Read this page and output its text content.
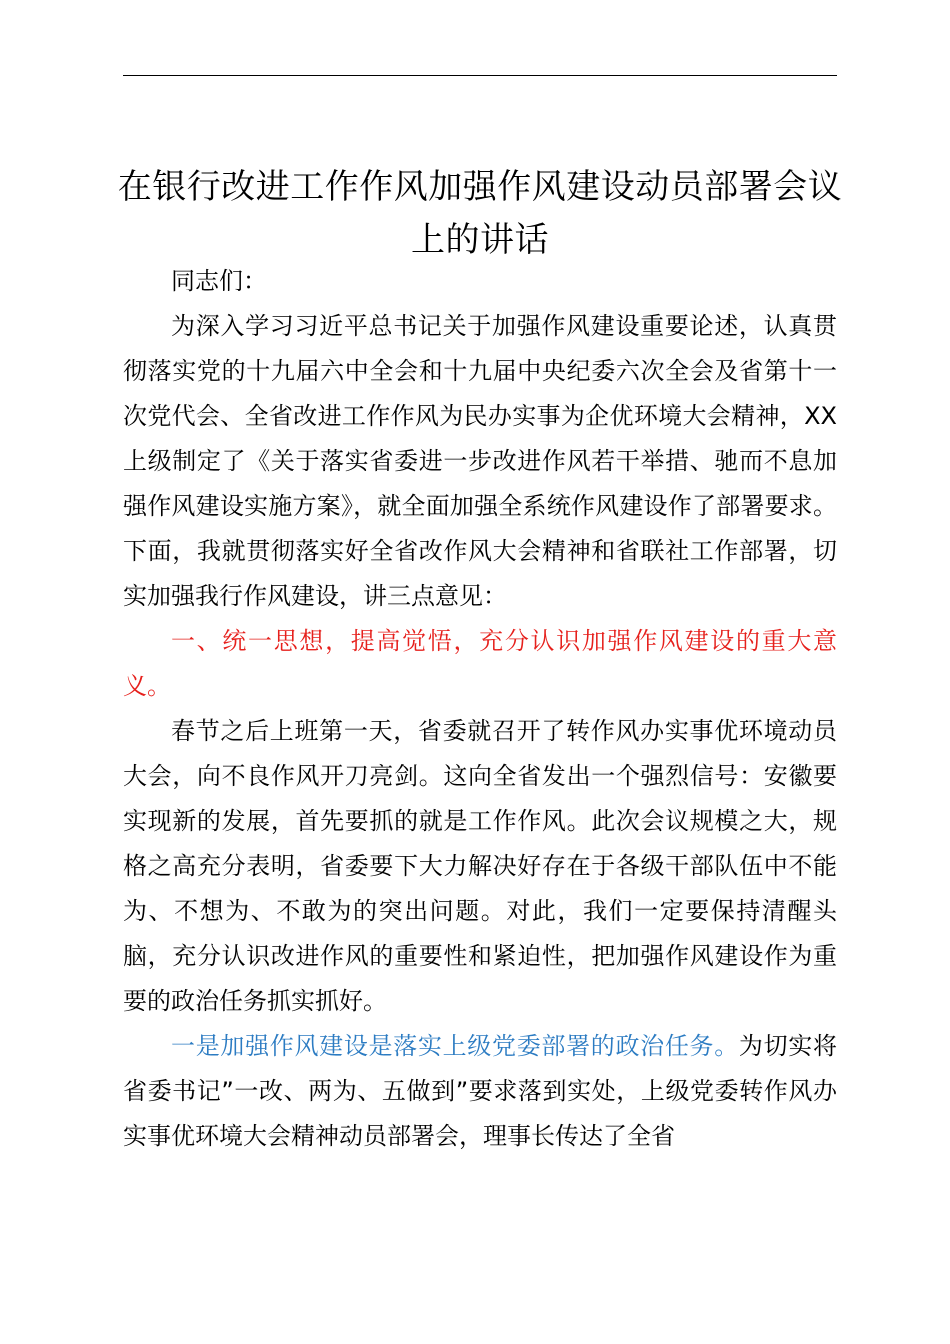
在银行改进工作作风加强作风建设动员部署会议上的讲话

同志们：

为深入学习习近平总书记关于加强作风建设重要论述，认真贯彻落实党的十九届六中全会和十九届中央纪委六次全会及省第十一次党代会、全省改进工作作风为民办实事为企优环境大会精神，XX上级制定了《关于落实省委进一步改进作风若干举措、驰而不息加强作风建设实施方案》，就全面加强全系统作风建设作了部署要求。下面，我就贯彻落实好全省改作风大会精神和省联社工作部署，切实加强我行作风建设，讲三点意见：

一、统一思想，提高觉悟，充分认识加强作风建设的重大意义。

春节之后上班第一天，省委就召开了转作风办实事优环境动员大会，向不良作风开刀亮剑。这向全省发出一个强烈信号：安徽要实现新的发展，首先要抓的就是工作作风。此次会议规模之大，规格之高充分表明，省委要下大力解决好存在于各级干部队伍中不能为、不想为、不敢为的突出问题。对此，我们一定要保持清醒头脑，充分认识改进作风的重要性和紧迫性，把加强作风建设作为重要的政治任务抓实抓好。

一是加强作风建设是落实上级党委部署的政治任务。为切实将省委书记”一改、两为、五做到”要求落到实处，上级党委转作风办实事优环境大会精神动员部署会，理事长传达了全省
